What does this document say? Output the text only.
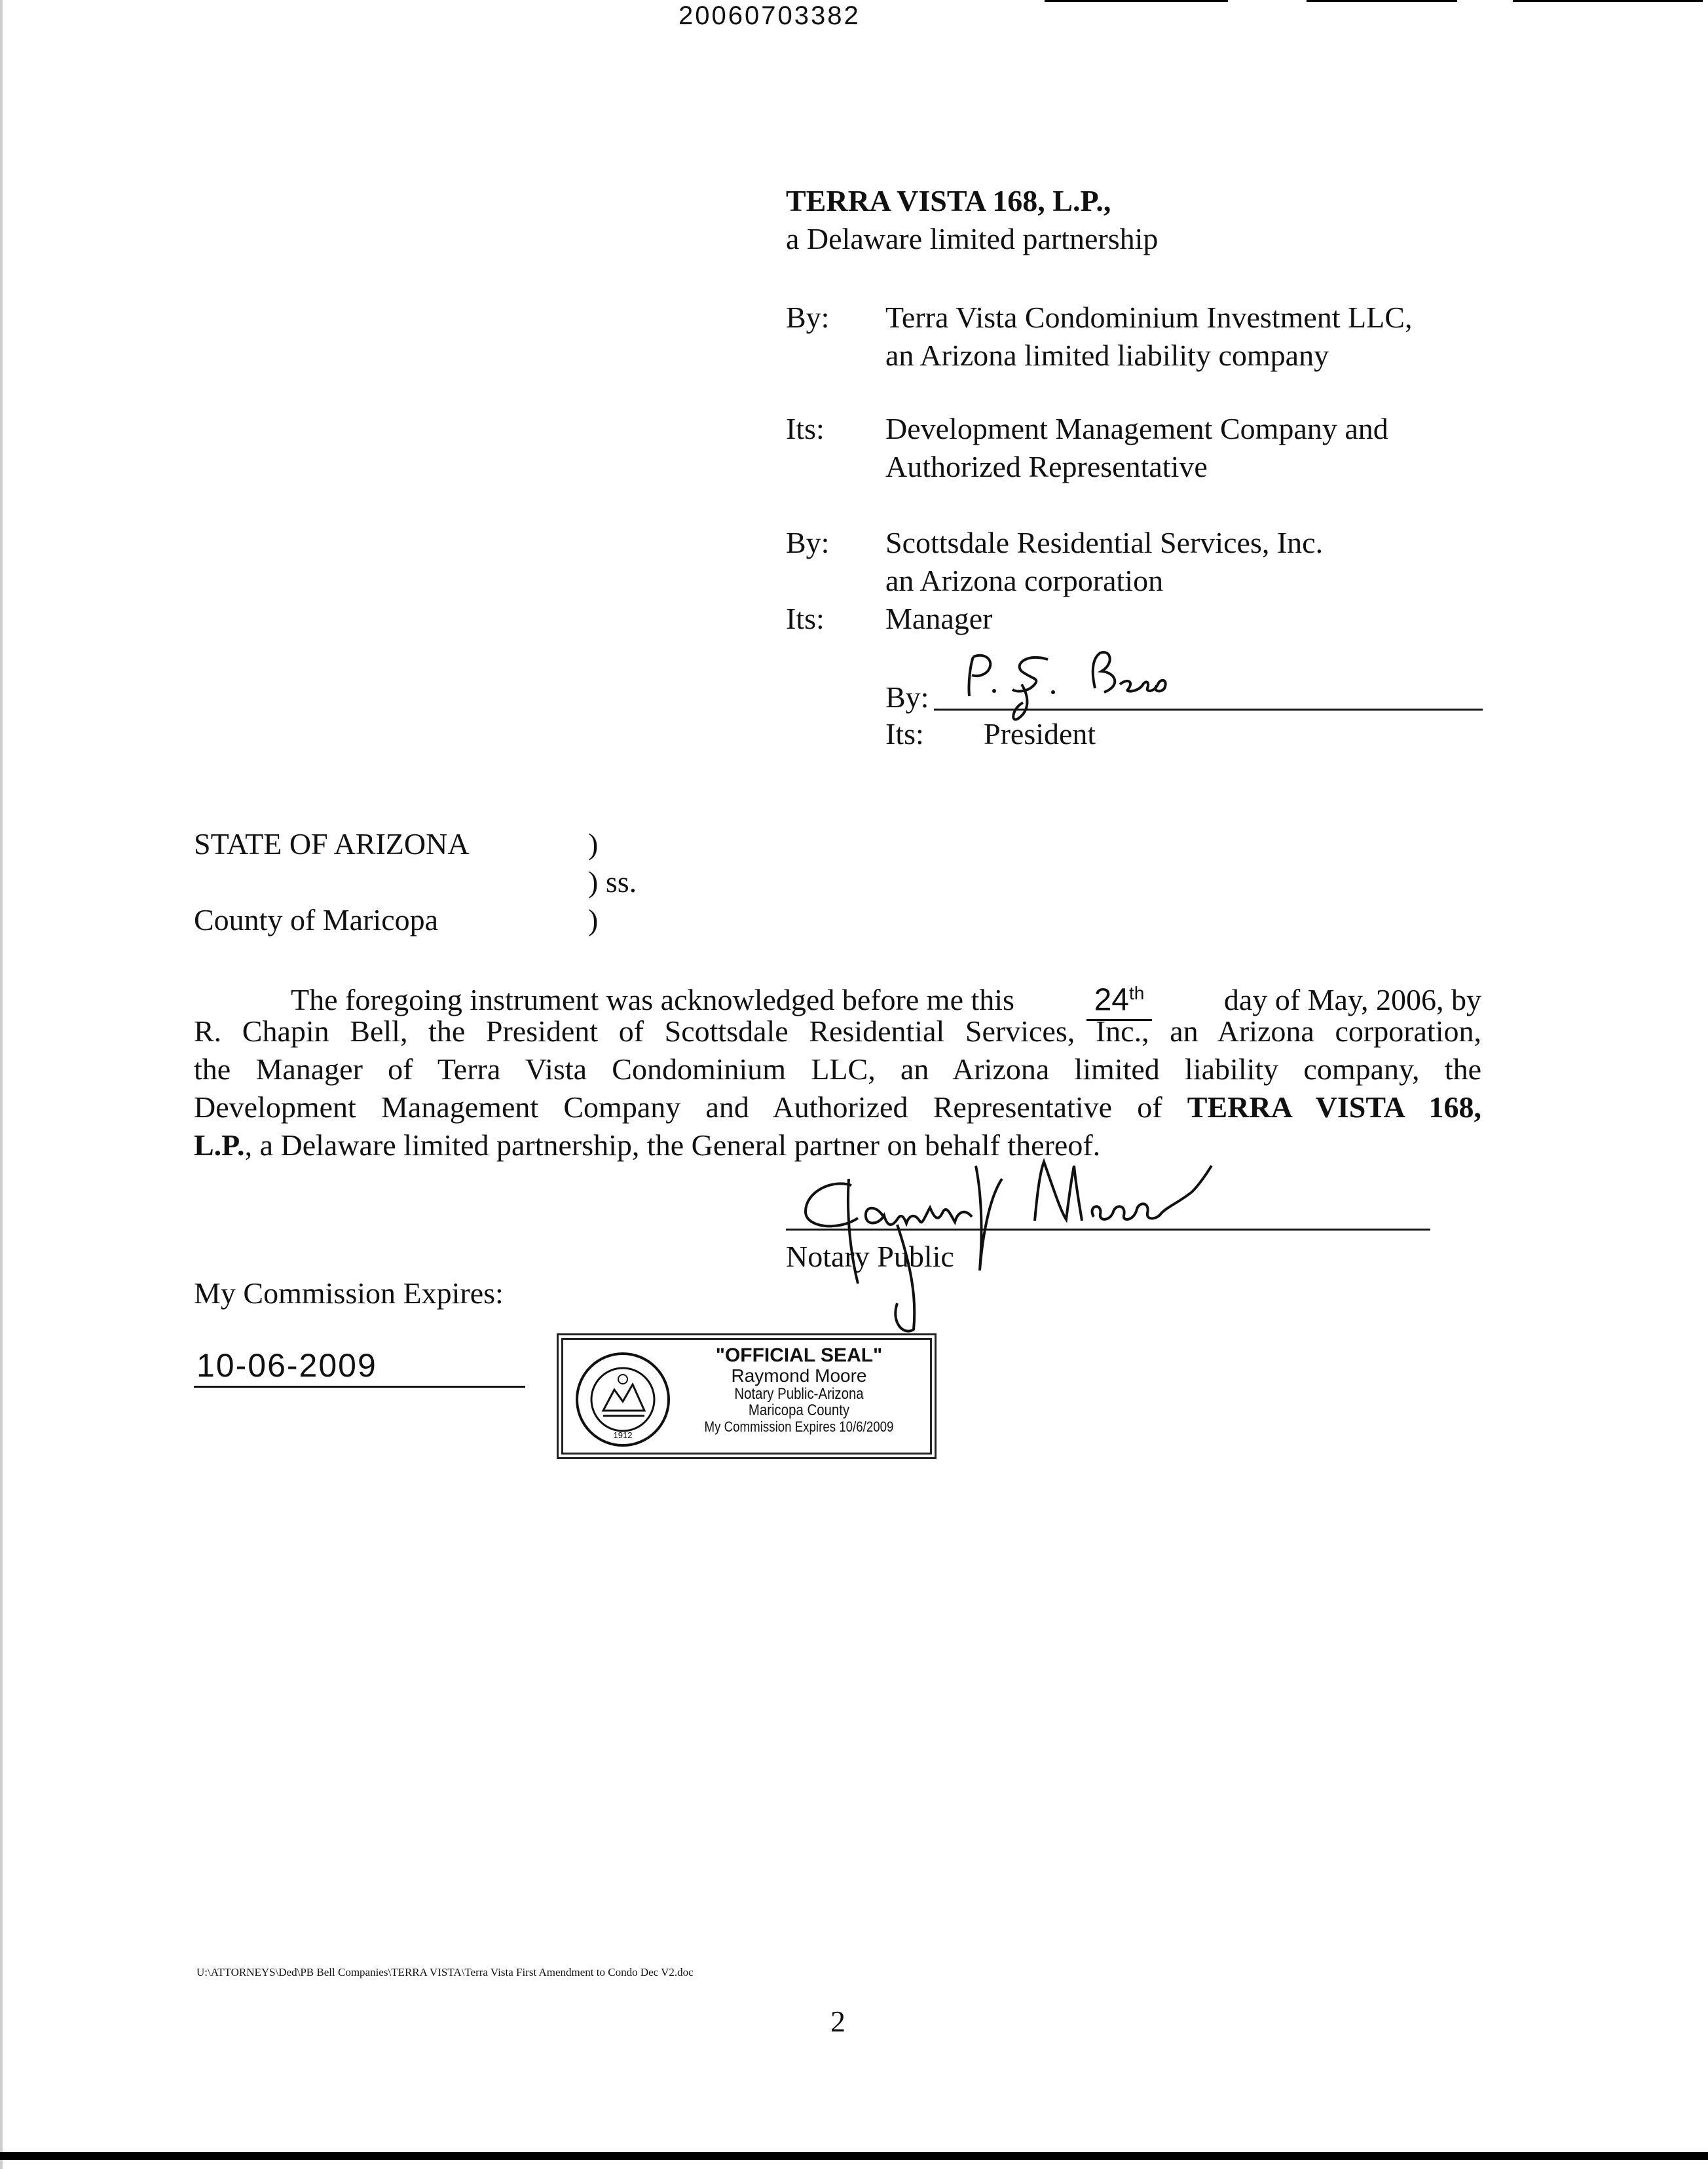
20060703382
TERRA VISTA 168, L.P.,
a Delaware limited partnership
By: Terra Vista Condominium Investment LLC,
an Arizona limited liability company
Its: Development Management Company and
Authorized Representative
By: Scottsdale Residential Services, Inc.
an Arizona corporation
Its: Manager
By:
Its: President
STATE OF ARIZONA	)
) ss.
County of Maricopa	)
The foregoing instrument was acknowledged before me this	24th	day of May, 2006, by
R. Chapin Bell, the President of Scottsdale Residential Services, Inc., an Arizona corporation,
the Manager of Terra Vista Condominium LLC, an Arizona limited liability company, the
Development Management Company and Authorized Representative of TERRA VISTA 168,
L.P., a Delaware limited partnership, the General partner on behalf thereof.
Notary Public
My Commission Expires:
10-06-2009
1912
"OFFICIAL SEAL"
Raymond Moore
Notary Public-Arizona
Maricopa County
My Commission Expires 10/6/2009
U:\ATTORNEYS\Ded\PB Bell Companies\TERRA VISTA\Terra Vista First Amendment to Condo Dec V2.doc
2
